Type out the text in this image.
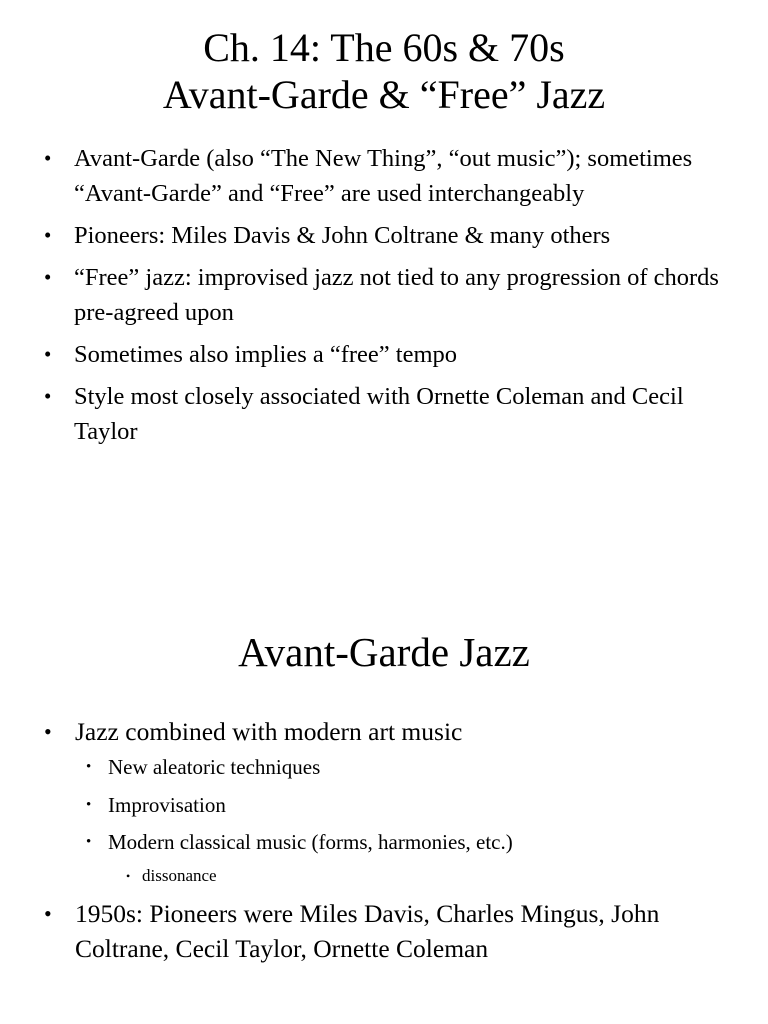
Ch. 14: The 60s & 70s
Avant-Garde & “Free” Jazz
• Avant-Garde (also “The New Thing”, “out music”); sometimes “Avant-Garde” and “Free” are used interchangeably
• Pioneers: Miles Davis & John Coltrane & many others
• “Free” jazz: improvised jazz not tied to any progression of chords pre-agreed upon
• Sometimes also implies a “free” tempo
• Style most closely associated with Ornette Coleman and Cecil Taylor
Avant-Garde Jazz
• Jazz combined with modern art music
• New aleatoric techniques
• Improvisation
• Modern classical music (forms, harmonies, etc.)
• dissonance
• 1950s: Pioneers were Miles Davis, Charles Mingus, John Coltrane, Cecil Taylor, Ornette Coleman
